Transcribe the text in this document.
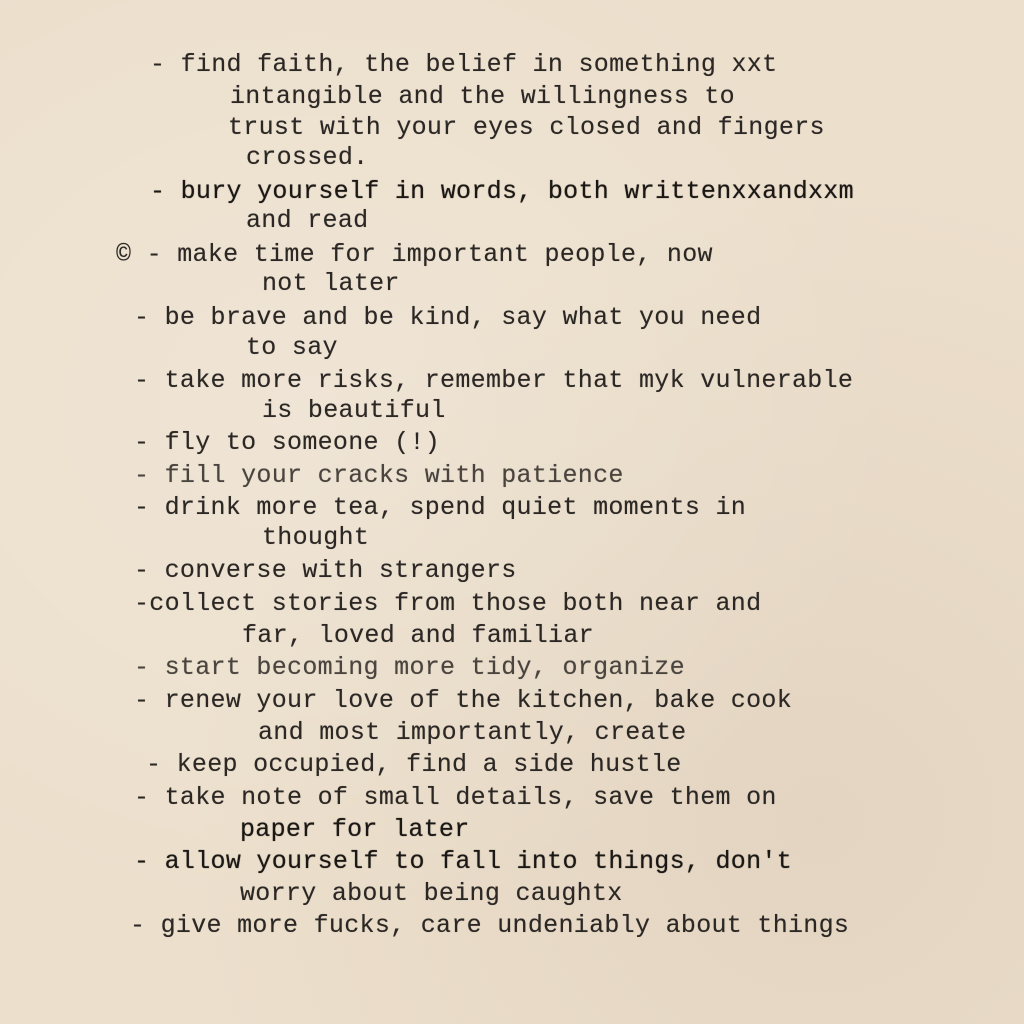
- find faith, the belief in something xxt
intangible and the willingness to
trust with your eyes closed and fingers
crossed.
- bury yourself in words, both writtenxxandxxm
and read
© - make time for important people, now
not later
- be brave and be kind, say what you need
to say
- take more risks, remember that myk vulnerable
is beautiful
- fly to someone (!)
- fill your cracks with patience
- drink more tea, spend quiet moments in
thought
- converse with strangers
-collect stories from those both near and
far, loved and familiar
- start becoming more tidy, organize
- renew your love of the kitchen, bake cook
and most importantly, create
- keep occupied, find a side hustle
- take note of small details, save them on
paper for later
- allow yourself to fall into things, don't
worry about being caughtx
- give more fucks, care undeniably about things
